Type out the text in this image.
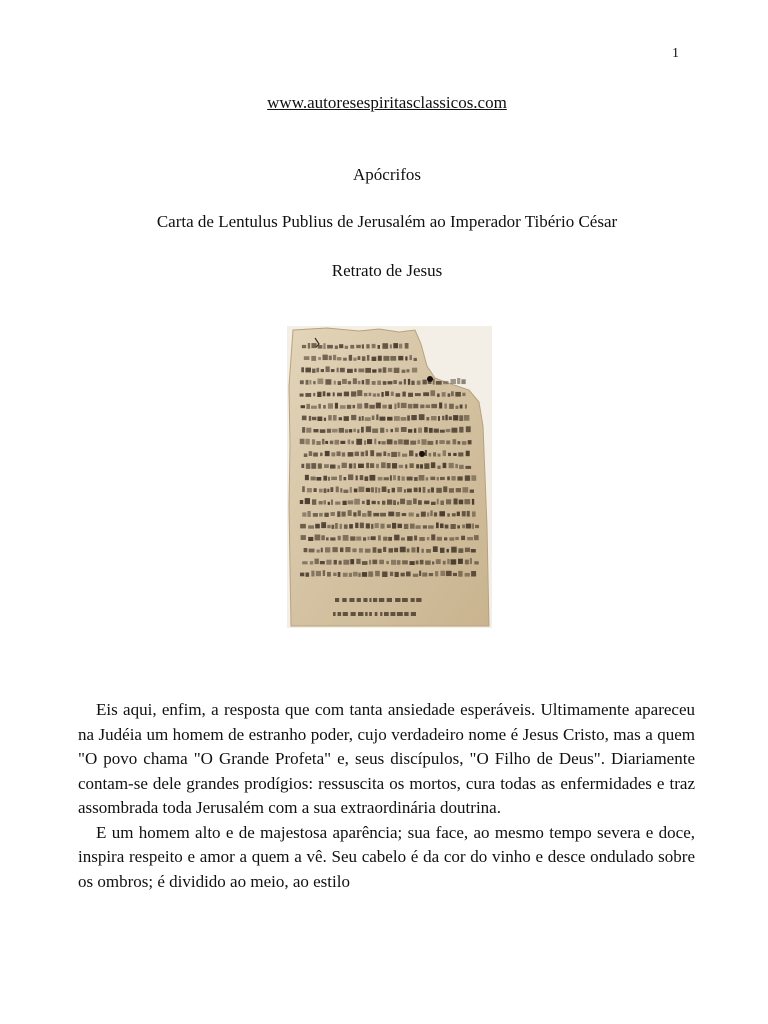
1
www.autoresespiritasclassicos.com
Apócrifos
Carta de Lentulus Publius de Jerusalém ao Imperador Tibério César
Retrato de Jesus

Eis aqui, enfim, a resposta que com tanta ansiedade esperáveis. Ultimamente apareceu na Judéia um homem de estranho poder, cujo verdadeiro nome é Jesus Cristo, mas a quem "O povo chama "O Grande Profeta" e, seus discípulos, "O Filho de Deus". Diariamente contam-se dele grandes prodígios: ressuscita os mortos, cura todas as enfermidades e traz assombrada toda Jerusalém com a sua extraordinária doutrina.

E um homem alto e de majestosa aparência; sua face, ao mesmo tempo severa e doce, inspira respeito e amor a quem a vê. Seu cabelo é da cor do vinho e desce ondulado sobre os ombros; é dividido ao meio, ao estilo
